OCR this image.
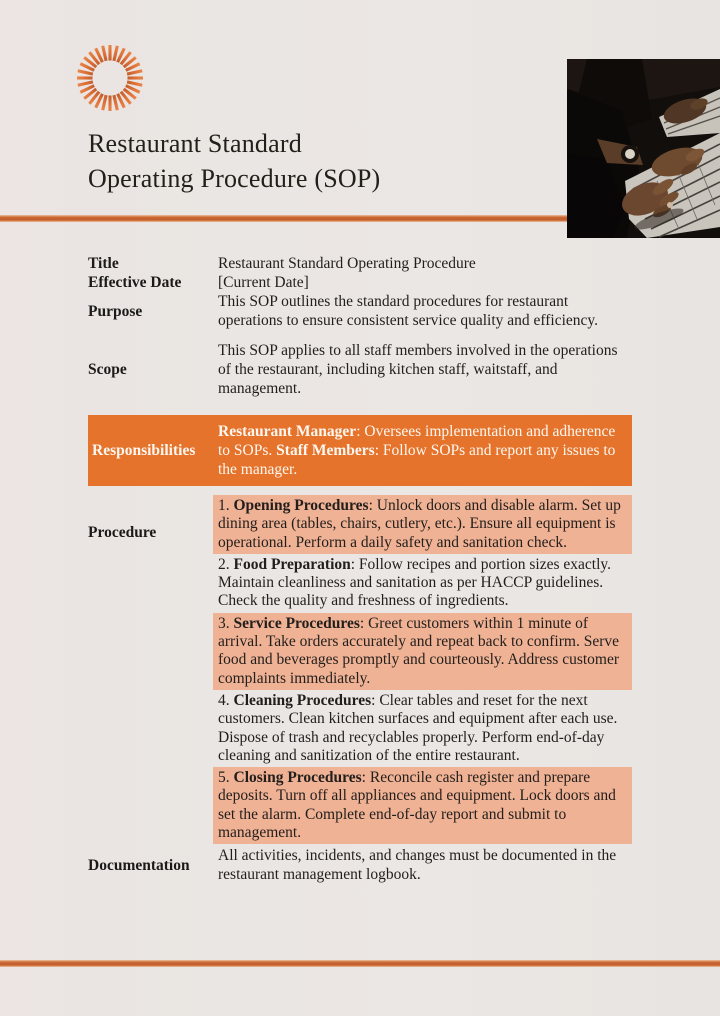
Restaurant Standard
Operating Procedure (SOP)
Title	Restaurant Standard Operating Procedure
Effective Date	[Current Date]
Purpose
This SOP outlines the standard procedures for restaurant operations to ensure consistent service quality and efficiency.
Scope
This SOP applies to all staff members involved in the operations of the restaurant, including kitchen staff, waitstaff, and management.
Responsibilities
Restaurant Manager: Oversees implementation and adherence to SOPs. Staff Members: Follow SOPs and report any issues to the manager.
Procedure
1. Opening Procedures: Unlock doors and disable alarm. Set up dining area (tables, chairs, cutlery, etc.). Ensure all equipment is operational. Perform a daily safety and sanitation check.
2. Food Preparation: Follow recipes and portion sizes exactly. Maintain cleanliness and sanitation as per HACCP guidelines. Check the quality and freshness of ingredients.
3. Service Procedures: Greet customers within 1 minute of arrival. Take orders accurately and repeat back to confirm. Serve food and beverages promptly and courteously. Address customer complaints immediately.
4. Cleaning Procedures: Clear tables and reset for the next customers. Clean kitchen surfaces and equipment after each use. Dispose of trash and recyclables properly. Perform end-of-day cleaning and sanitization of the entire restaurant.
5. Closing Procedures: Reconcile cash register and prepare deposits. Turn off all appliances and equipment. Lock doors and set the alarm. Complete end-of-day report and submit to management.
Documentation
All activities, incidents, and changes must be documented in the restaurant management logbook.
